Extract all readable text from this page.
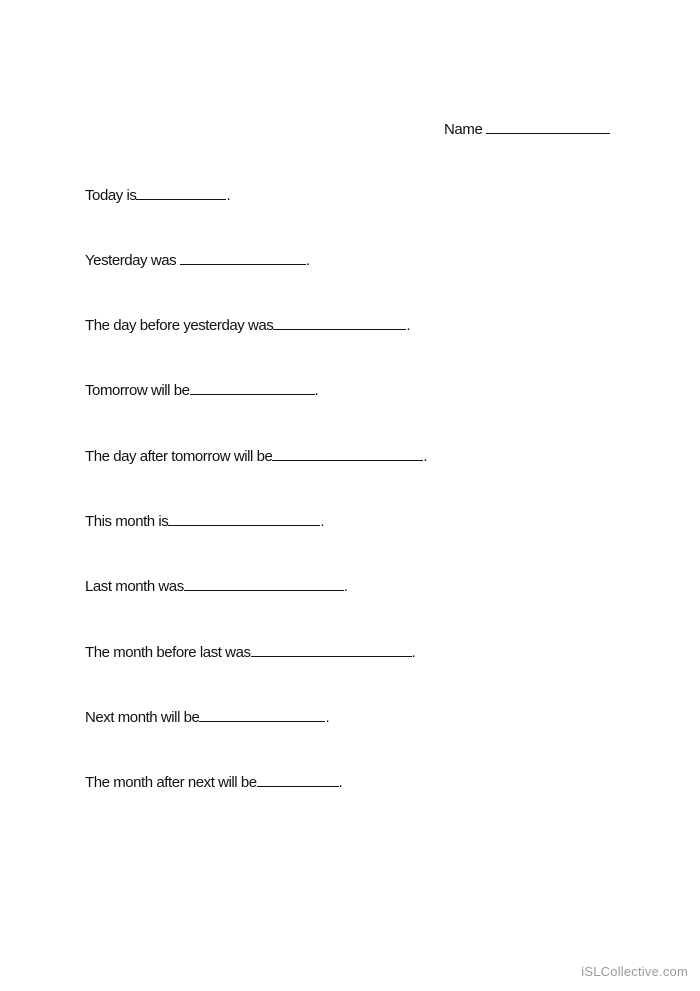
Name
Today is	.
Yesterday was	.
The day before yesterday was	.
Tomorrow will be	.
The day after tomorrow will be	.
This month is	.
Last month was	.
The month before last was	.
Next month will be	.
The month after next will be	.
iSLCollective.com
